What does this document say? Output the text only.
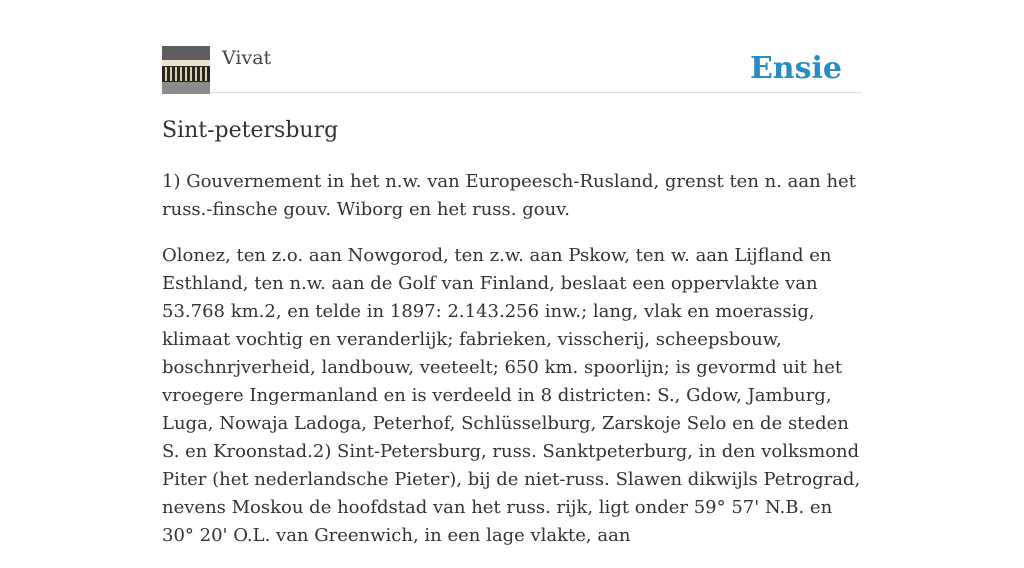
Vivat	Ensie
Sint-petersburg

1) Gouvernement in het n.w. van Europeesch-Rusland, grenst ten n. aan het russ.-finsche gouv. Wiborg en het russ. gouv.

Olonez, ten z.o. aan Nowgorod, ten z.w. aan Pskow, ten w. aan Lijfland en Esthland, ten n.w. aan de Golf van Finland, beslaat een oppervlakte van 53.768 km.2, en telde in 1897: 2.143.256 inw.; lang, vlak en moerassig, klimaat vochtig en veranderlijk; fabrieken, visscherij, scheepsbouw, boschnrjverheid, landbouw, veeteelt; 650 km. spoorlijn; is gevormd uit het vroegere Ingermanland en is verdeeld in 8 districten: S., Gdow, Jamburg, Luga, Nowaja Ladoga, Peterhof, Schlüsselburg, Zarskoje Selo en de steden S. en Kroonstad.2) Sint-Petersburg, russ. Sanktpeterburg, in den volksmond Piter (het nederlandsche Pieter), bij de niet-russ. Slawen dikwijls Petrograd, nevens Moskou de hoofdstad van het russ. rijk, ligt onder 59° 57' N.B. en 30° 20' O.L. van Greenwich, in een lage vlakte, aan
